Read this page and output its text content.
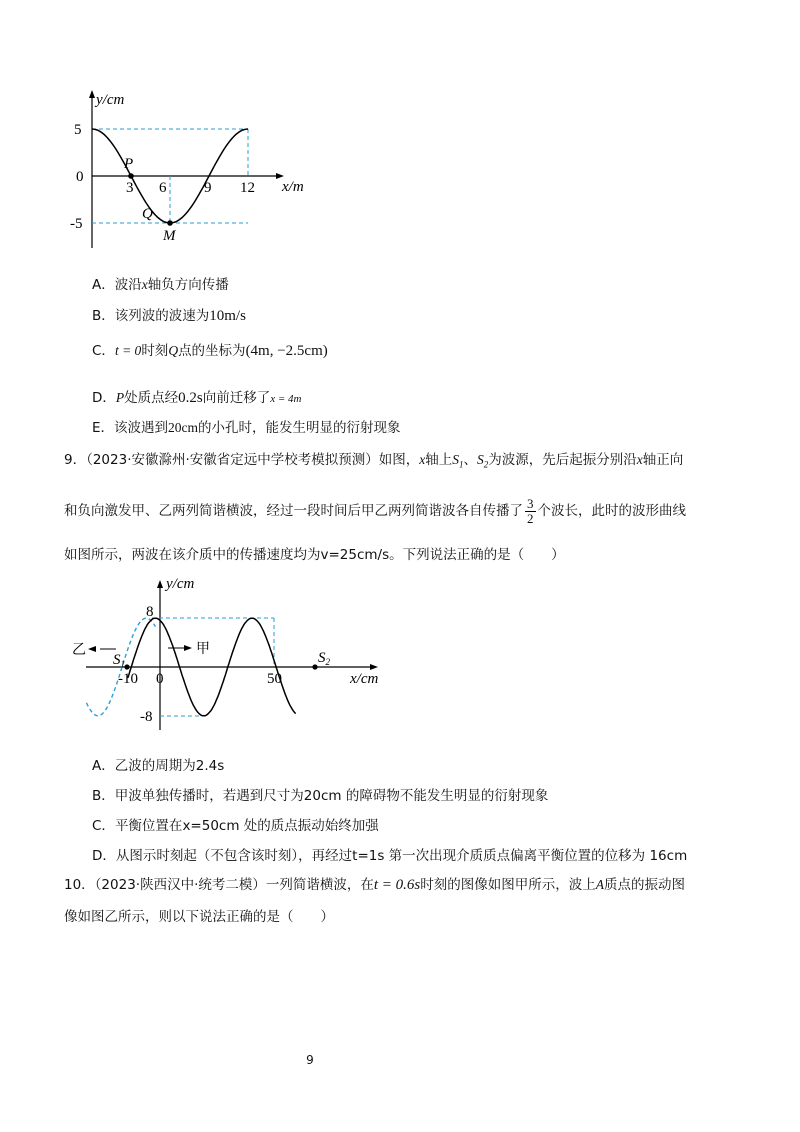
y/cm
x/m
5
0
-5
3 6	9 12
P
Q
M
A．波沿x轴负方向传播
B．该列波的波速为10m/s
C．t = 0时刻Q点的坐标为(4m, −2.5cm)
D．P处质点经0.2s向前迁移了x = 4m
E．该波遇到20cm的小孔时，能发生明显的衍射现象
9．（2023·安徽滁州·安徽省定远中学校考模拟预测）如图，x轴上$S_1$、$S_2$为波源，先后起振分别沿x轴正向
和负向激发甲、乙两列简谐横波，经过一段时间后甲乙两列简谐波各自传播了 $\frac{3}{2}$ 个波长，此时的波形曲线
如图所示，两波在该介质中的传播速度均为v=25cm/s。下列说法正确的是（　　）
乙	甲
y/cm
x/cm
8
-8
-10 0	50
$S_1$	$S_2$
A．乙波的周期为2.4s
B．甲波单独传播时，若遇到尺寸为20cm 的障碍物不能发生明显的衍射现象
C．平衡位置在x=50cm 处的质点振动始终加强
D．从图示时刻起（不包含该时刻），再经过t=1s 第一次出现介质质点偏离平衡位置的位移为 16cm
10．（2023·陕西汉中·统考二模）一列简谐横波，在t = 0.6s时刻的图像如图甲所示，波上A质点的振动图
像如图乙所示，则以下说法正确的是（　　）
9
